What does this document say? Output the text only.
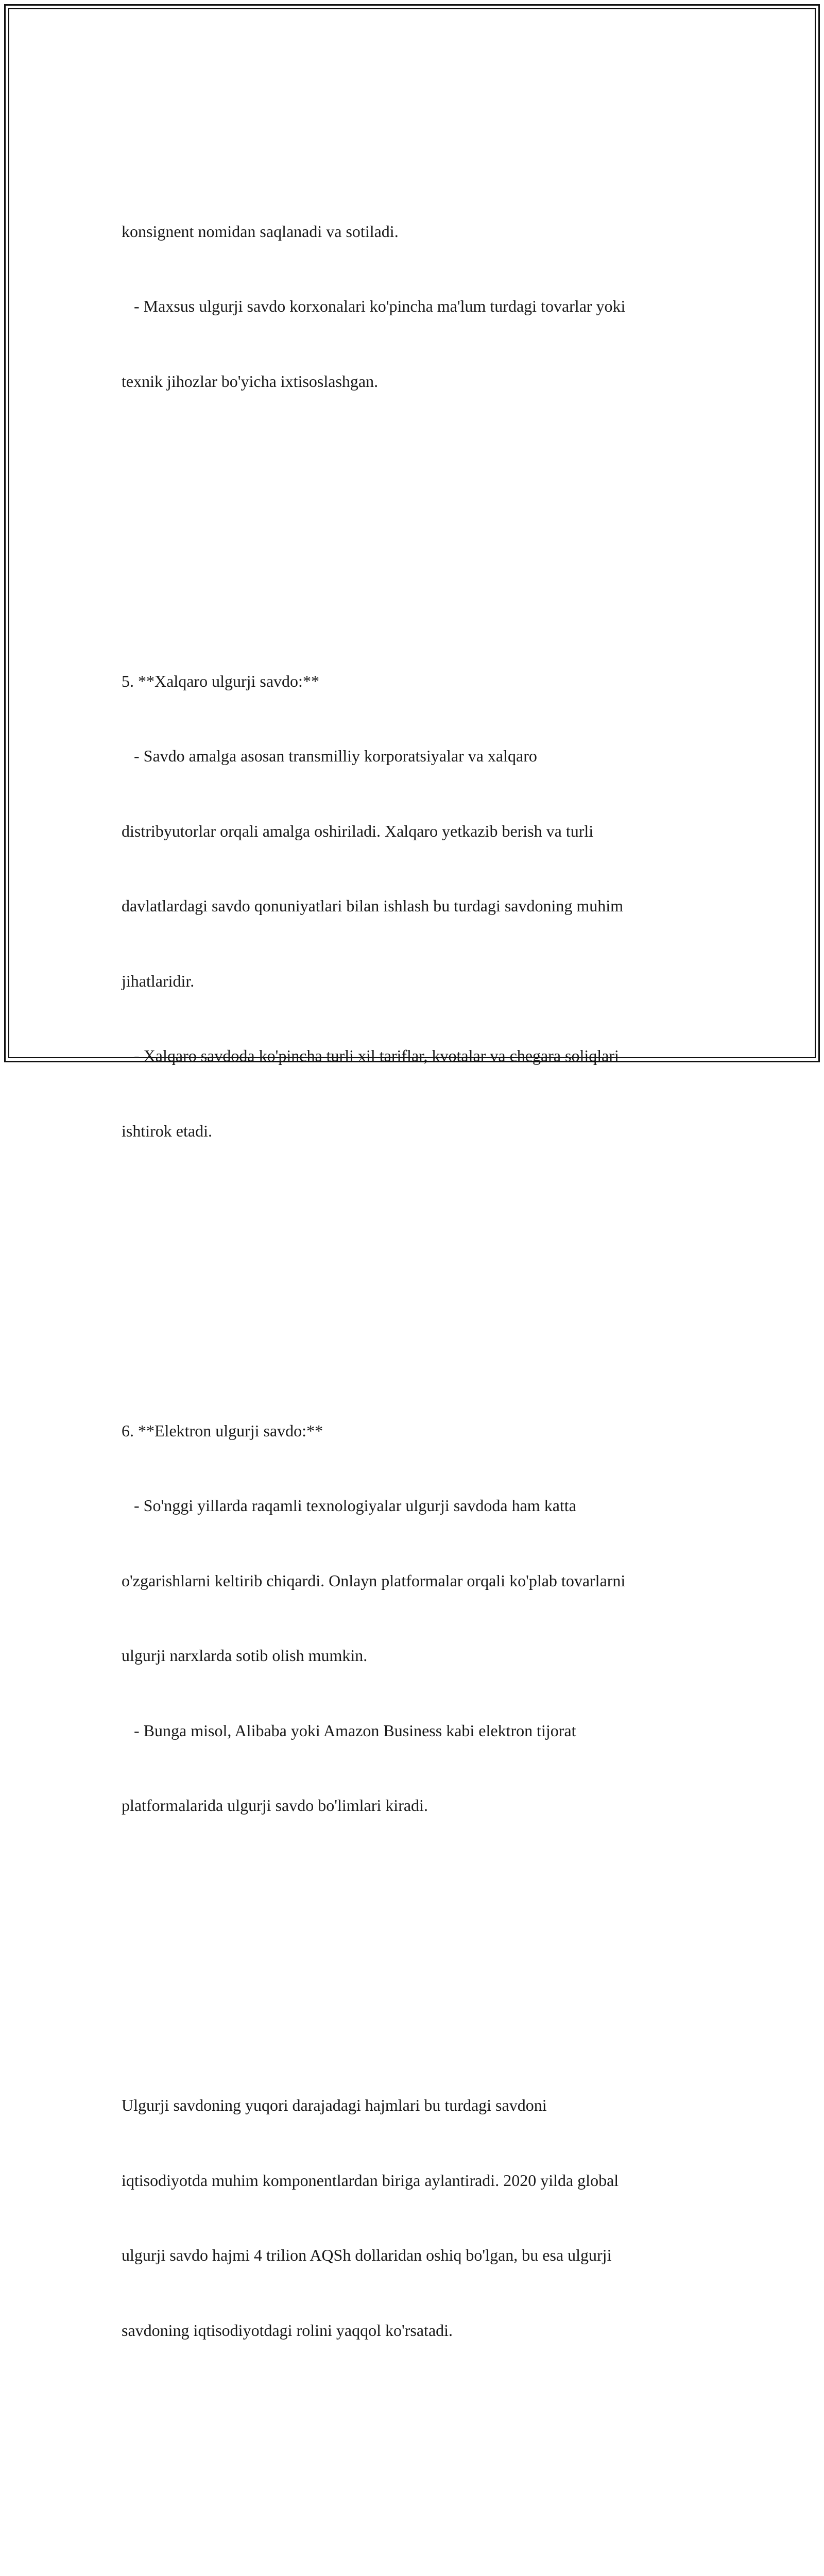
konsignent nomidan saqlanadi va sotiladi.

- Maxsus ulgurji savdo korxonalari ko'pincha ma'lum turdagi tovarlar yoki

texnik jihozlar bo'yicha ixtisoslashgan.

5. **Xalqaro ulgurji savdo:**

- Savdo amalga asosan transmilliy korporatsiyalar va xalqaro

distribyutorlar orqali amalga oshiriladi. Xalqaro yetkazib berish va turli

davlatlardagi savdo qonuniyatlari bilan ishlash bu turdagi savdoning muhim

jihatlaridir.

- Xalqaro savdoda ko'pincha turli xil tariflar, kvotalar va chegara soliqlari

ishtirok etadi.

6. **Elektron ulgurji savdo:**

- So'nggi yillarda raqamli texnologiyalar ulgurji savdoda ham katta

o'zgarishlarni keltirib chiqardi. Onlayn platformalar orqali ko'plab tovarlarni

ulgurji narxlarda sotib olish mumkin.

- Bunga misol, Alibaba yoki Amazon Business kabi elektron tijorat

platformalarida ulgurji savdo bo'limlari kiradi.

Ulgurji savdoning yuqori darajadagi hajmlari bu turdagi savdoni

iqtisodiyotda muhim komponentlardan biriga aylantiradi. 2020 yilda global

ulgurji savdo hajmi 4 trilion AQSh dollaridan oshiq bo'lgan, bu esa ulgurji

savdoning iqtisodiyotdagi rolini yaqqol ko'rsatadi.
